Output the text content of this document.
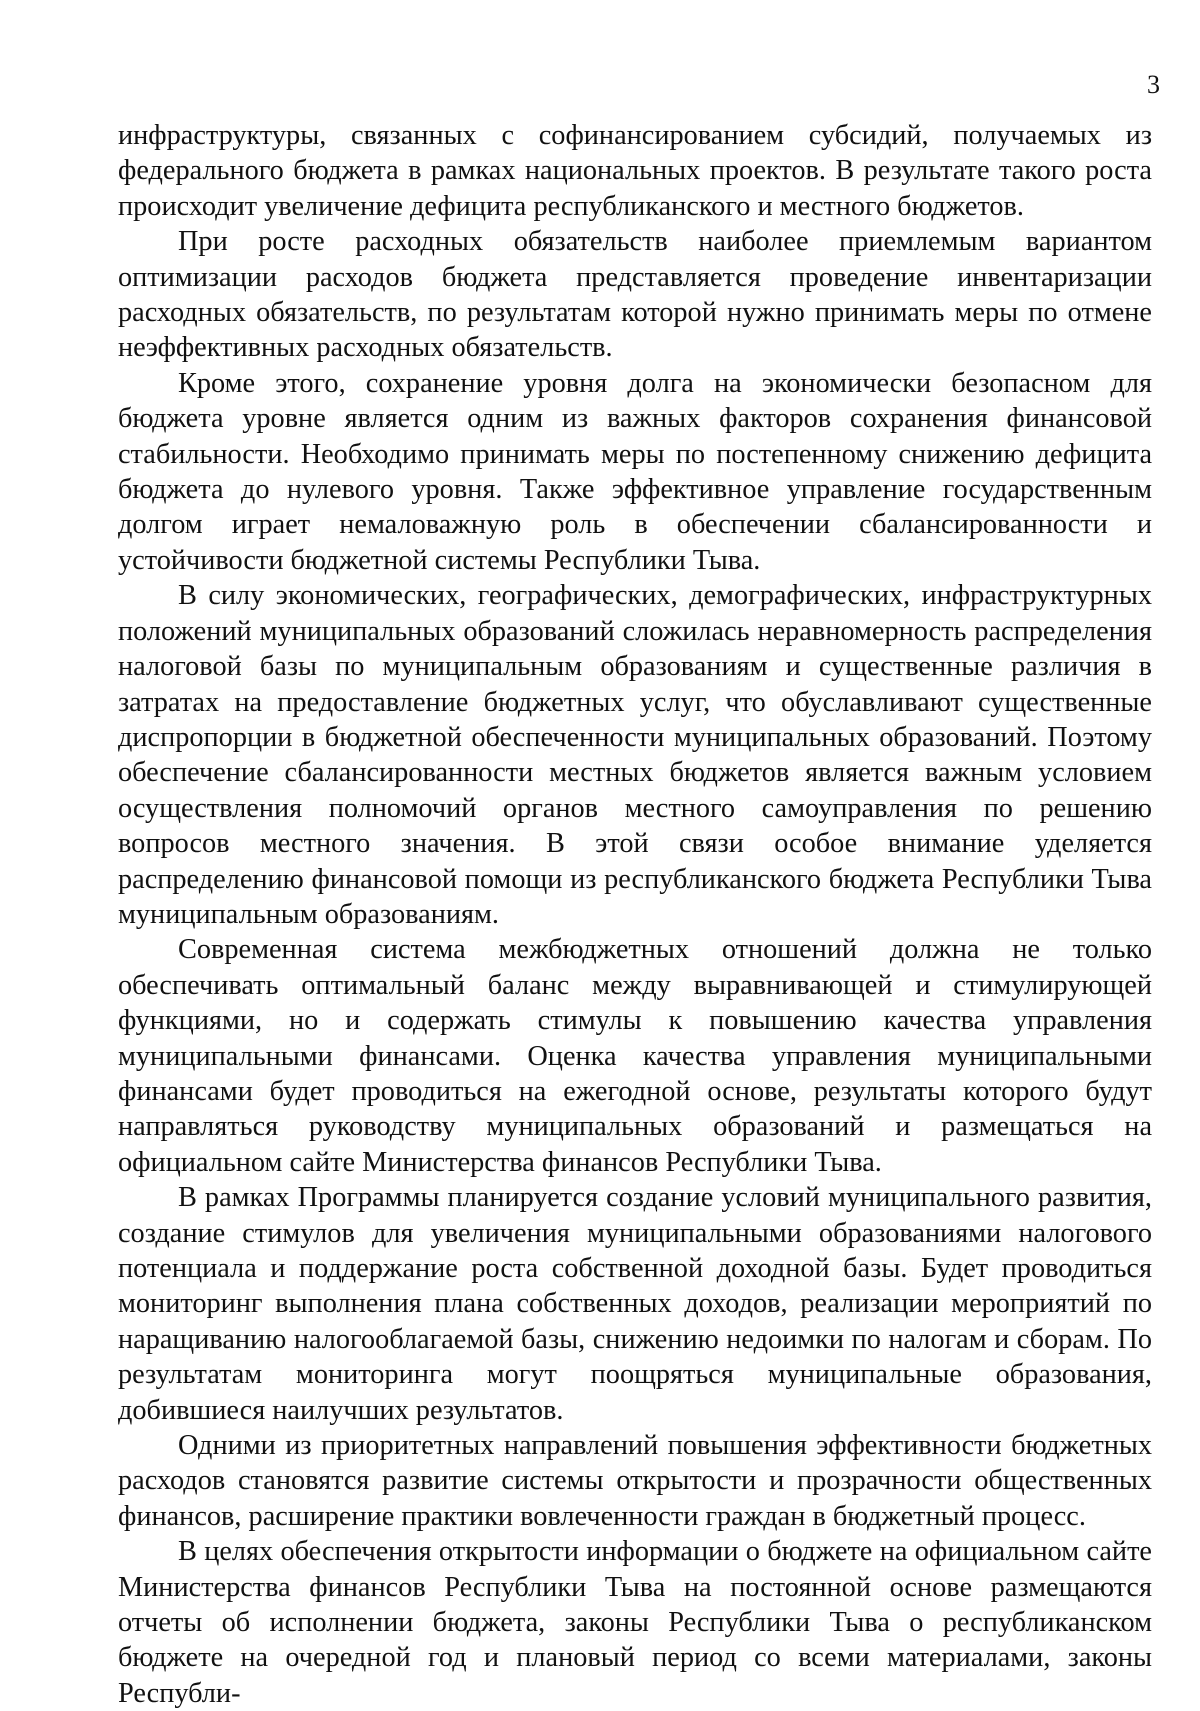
3

инфраструктуры, связанных с софинансированием субсидий, получаемых из федерального бюджета в рамках национальных проектов. В результате такого роста происходит увеличение дефицита республиканского и местного бюджетов.

При росте расходных обязательств наиболее приемлемым вариантом оптимизации расходов бюджета представляется проведение инвентаризации расходных обязательств, по результатам которой нужно принимать меры по отмене неэффективных расходных обязательств.

Кроме этого, сохранение уровня долга на экономически безопасном для бюджета уровне является одним из важных факторов сохранения финансовой стабильности. Необходимо принимать меры по постепенному снижению дефицита бюджета до нулевого уровня. Также эффективное управление государственным долгом играет немаловажную роль в обеспечении сбалансированности и устойчивости бюджетной системы Республики Тыва.

В силу экономических, географических, демографических, инфраструктурных положений муниципальных образований сложилась неравномерность распределения налоговой базы по муниципальным образованиям и существенные различия в затратах на предоставление бюджетных услуг, что обуславливают существенные диспропорции в бюджетной обеспеченности муниципальных образований. Поэтому обеспечение сбалансированности местных бюджетов является важным условием осуществления полномочий органов местного самоуправления по решению вопросов местного значения. В этой связи особое внимание уделяется распределению финансовой помощи из республиканского бюджета Республики Тыва муниципальным образованиям.

Современная система межбюджетных отношений должна не только обеспечивать оптимальный баланс между выравнивающей и стимулирующей функциями, но и содержать стимулы к повышению качества управления муниципальными финансами. Оценка качества управления муниципальными финансами будет проводиться на ежегодной основе, результаты которого будут направляться руководству муниципальных образований и размещаться на официальном сайте Министерства финансов Республики Тыва.

В рамках Программы планируется создание условий муниципального развития, создание стимулов для увеличения муниципальными образованиями налогового потенциала и поддержание роста собственной доходной базы. Будет проводиться мониторинг выполнения плана собственных доходов, реализации мероприятий по наращиванию налогооблагаемой базы, снижению недоимки по налогам и сборам. По результатам мониторинга могут поощряться муниципальные образования, добившиеся наилучших результатов.

Одними из приоритетных направлений повышения эффективности бюджетных расходов становятся развитие системы открытости и прозрачности общественных финансов, расширение практики вовлеченности граждан в бюджетный процесс.

В целях обеспечения открытости информации о бюджете на официальном сайте Министерства финансов Республики Тыва на постоянной основе размещаются отчеты об исполнении бюджета, законы Республики Тыва о республиканском бюджете на очередной год и плановый период со всеми материалами, законы Республи-
